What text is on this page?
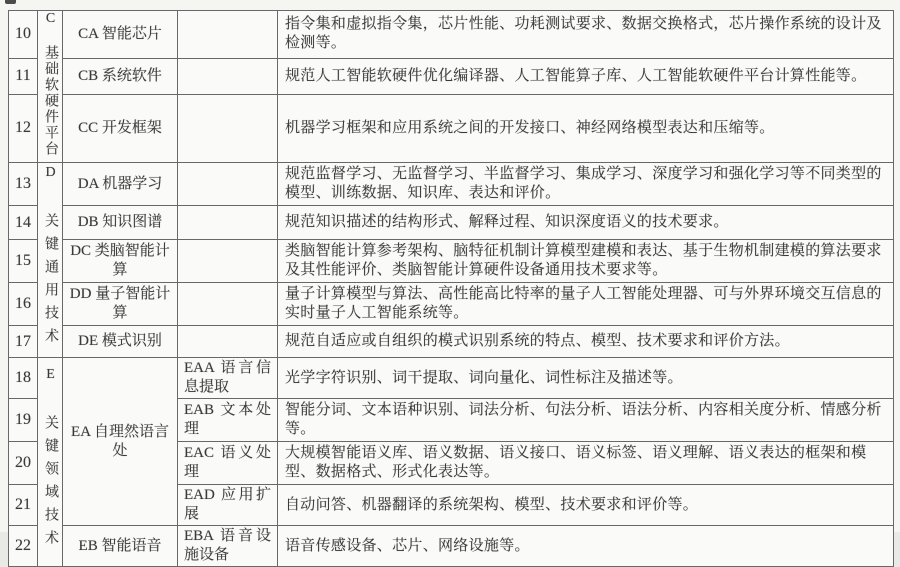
10	C 基础软硬件平台	CA 智能芯片		指令集和虚拟指令集，芯片性能、功耗测试要求、数据交换格式，芯片操作系统的设计及检测等。
11		CB 系统软件		规范人工智能软硬件优化编译器、人工智能算子库、人工智能软硬件平台计算性能等。
12		CC 开发框架		机器学习框架和应用系统之间的开发接口、神经网络模型表达和压缩等。
13	D 关键通用技术	DA 机器学习		规范监督学习、无监督学习、半监督学习、集成学习、深度学习和强化学习等不同类型的模型、训练数据、知识库、表达和评价。
14		DB 知识图谱		规范知识描述的结构形式、解释过程、知识深度语义的技术要求。
15		DC 类脑智能计算		类脑智能计算参考架构、脑特征机制计算模型建模和表达、基于生物机制建模的算法要求及其性能评价、类脑智能计算硬件设备通用技术要求等。
16		DD 量子智能计算		量子计算模型与算法、高性能高比特率的量子人工智能处理器、可与外界环境交互信息的实时量子人工智能系统等。
17		DE 模式识别		规范自适应或自组织的模式识别系统的特点、模型、技术要求和评价方法。
18	E 关键领域技术	EA 自理然语言处	EAA 语言信息提取	光学字符识别、词干提取、词向量化、词性标注及描述等。
19			EAB 文本处理	智能分词、文本语种识别、词法分析、句法分析、语法分析、内容相关度分析、情感分析等。
20			EAC 语义处理	大规模智能语义库、语义数据、语义接口、语义标签、语义理解、语义表达的框架和模型、数据格式、形式化表达等。
21			EAD 应用扩展	自动问答、机器翻译的系统架构、模型、技术要求和评价等。
22		EB 智能语音	EBA 语音设施设备	语音传感设备、芯片、网络设施等。
